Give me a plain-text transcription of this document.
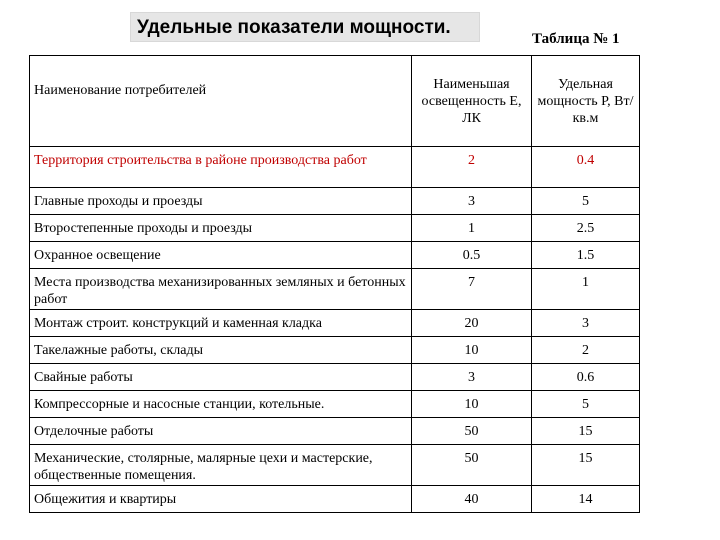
Удельные показатели мощности.
Таблица № 1
Наименование потребителей	Наименьшая освещенность Е, ЛК	Удельная мощность Р, Вт/кв.м
Территория строительства в районе производства работ	2	0.4
Главные проходы и проезды	3	5
Второстепенные проходы и проезды	1	2.5
Охранное освещение	0.5	1.5
Места производства механизированных земляных и бетонных работ	7	1
Монтаж строит. конструкций и каменная кладка	20	3
Такелажные работы, склады	10	2
Свайные работы	3	0.6
Компрессорные и насосные станции, котельные.	10	5
Отделочные работы	50	15
Механические, столярные, малярные цехи и мастерские, общественные помещения.	50	15
Общежития и квартиры	40	14
